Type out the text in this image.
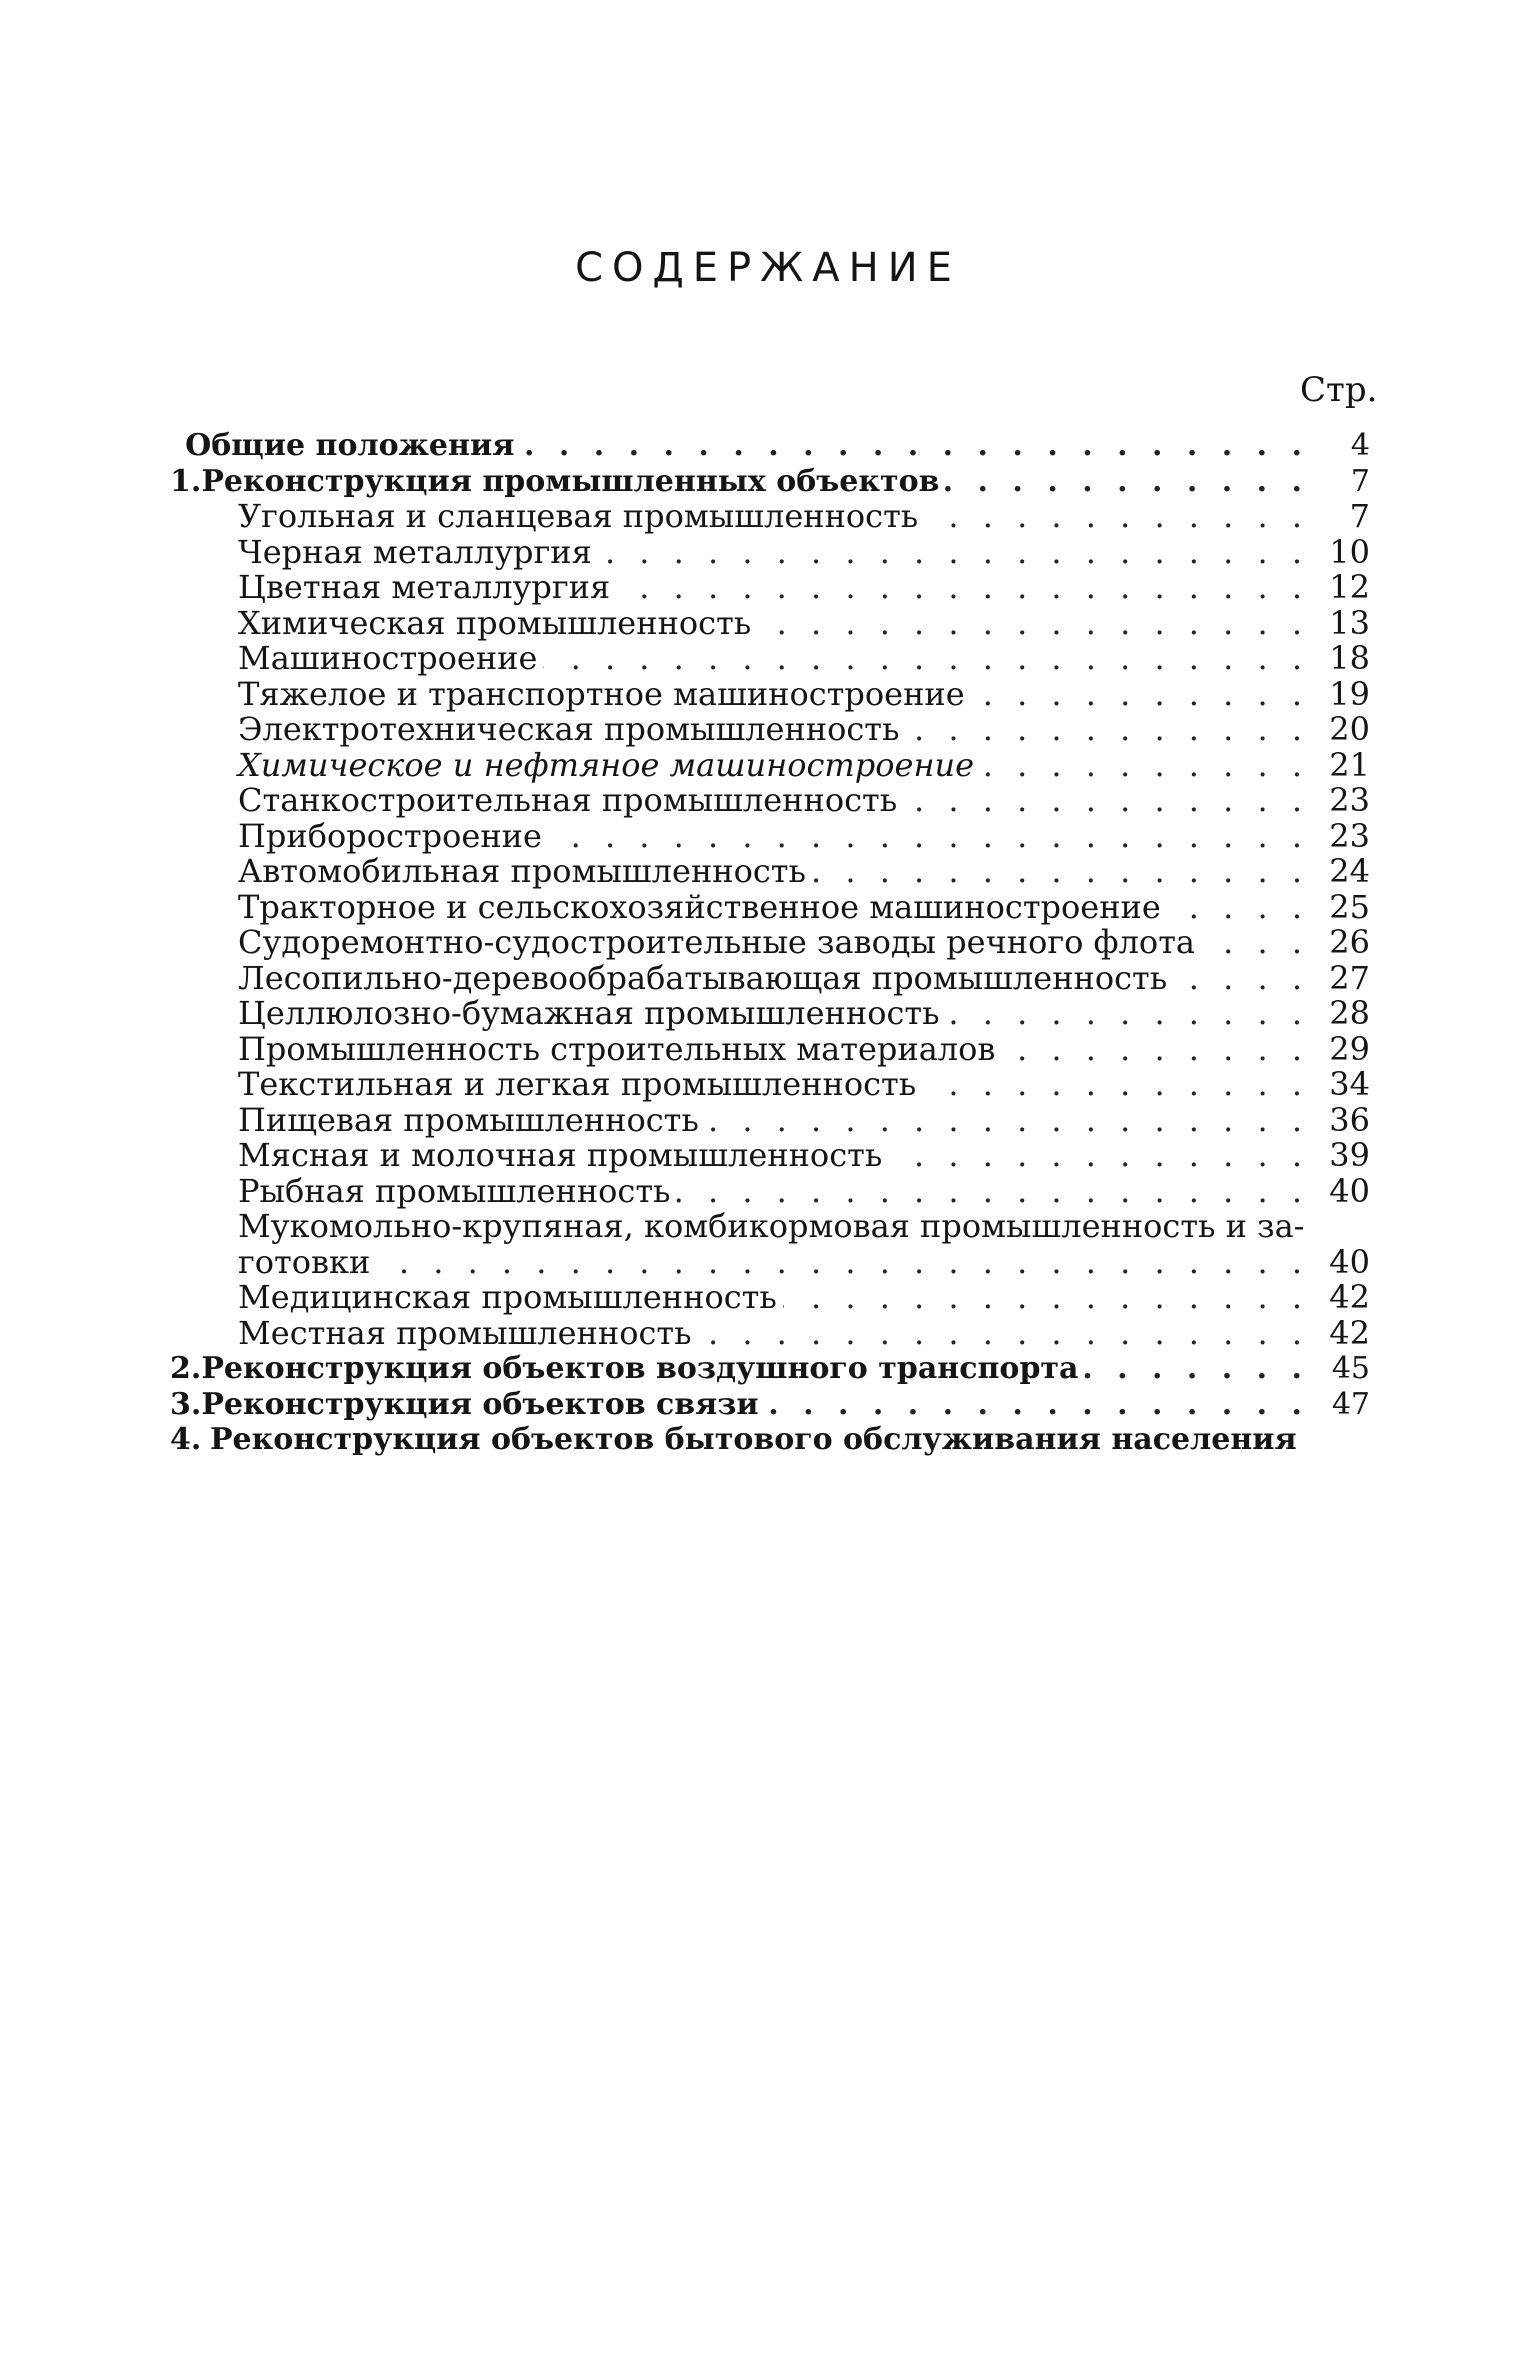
СОДЕРЖАНИЕ
Стр.
Общие положения . . .	4
1. Реконструкция промышленных объектов . . .	7
Угольная и сланцевая промышленность . . .	7
Черная металлургия . . .	10
Цветная металлургия . . .	12
Химическая промышленность . . .	13
Машиностроение . . .	18
Тяжелое и транспортное машиностроение . . .	19
Электротехническая промышленность . . .	20
Химическое и нефтяное машиностроение . . .	21
Станкостроительная промышленность . . .	23
Приборостроение . . .	23
Автомобильная промышленность . . .	24
Тракторное и сельскохозяйственное машиностроение . . .	25
Судоремонтно-судостроительные заводы речного флота . . .	26
Лесопильно-деревообрабатывающая промышленность . . .	27
Целлюлозно-бумажная промышленность . . .	28
Промышленность строительных материалов . . .	29
Текстильная и легкая промышленность . . .	34
Пищевая промышленность . . .	36
Мясная и молочная промышленность . . .	39
Рыбная промышленность . . .	40
Мукомольно-крупяная, комбикормовая промышленность и за-
готовки . . .	40
Медицинская промышленность . . .	42
Местная промышленность . . .	42
2. Реконструкция объектов воздушного транспорта . . .	45
3. Реконструкция объектов связи . . .	47
4. Реконструкция объектов бытового обслуживания населения
